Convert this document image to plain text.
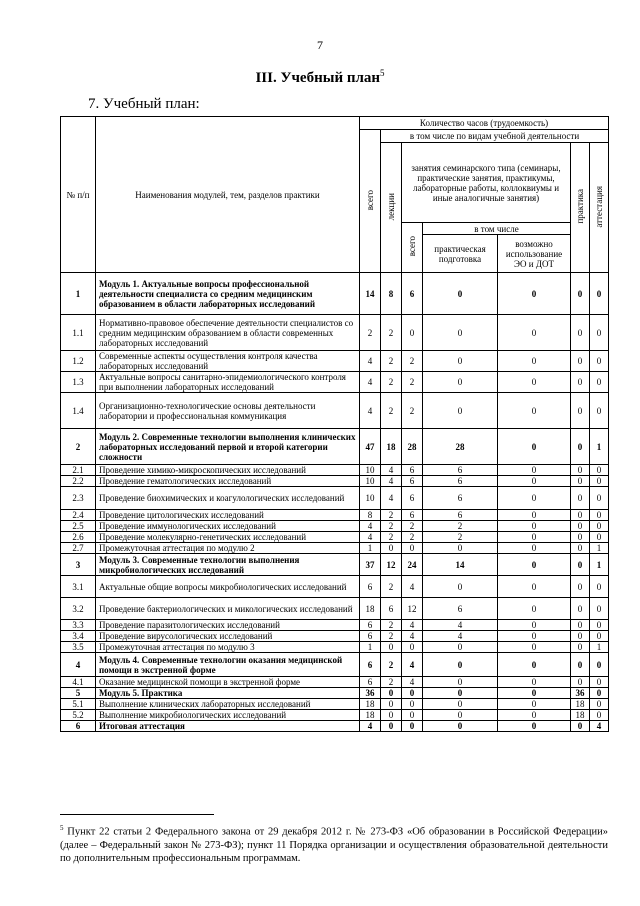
7
III. Учебный план$^5$
7. Учебный план:
№ п/п	Наименования модулей, тем, разделов практики	Количество часов (трудоемкость)						
		всего	в том числе по видам учебной деятельности					
			лекции	занятия семинарского типа (семинары, практические занятия, практикумы, лабораторные работы, коллоквиумы и иные аналогичные занятия)			практика	аттестация
				всего	в том числе			
					практическая подготовка	возможно использование ЭО и ДОТ		
1	Модуль 1. Актуальные вопросы профессиональной деятельности специалиста со средним медицинским образованием в области лабораторных исследований	14	8	6	0	0	0	0
1.1	Нормативно-правовое обеспечение деятельности специалистов со средним медицинским образованием в области современных лабораторных исследований	2	2	0	0	0	0	0
1.2	Современные аспекты осуществления контроля качества лабораторных исследований	4	2	2	0	0	0	0
1.3	Актуальные вопросы санитарно-эпидемиологического контроля при выполнении лабораторных исследований	4	2	2	0	0	0	0
1.4	Организационно-технологические основы деятельности лаборатории и профессиональная коммуникация	4	2	2	0	0	0	0
2	Модуль 2. Современные технологии выполнения клинических лабораторных исследований первой и второй категории сложности	47	18	28	28	0	0	1
2.1	Проведение химико-микроскопических исследований	10	4	6	6	0	0	0
2.2	Проведение гематологических исследований	10	4	6	6	0	0	0
2.3	Проведение биохимических и коагулологических исследований	10	4	6	6	0	0	0
2.4	Проведение цитологических исследований	8	2	6	6	0	0	0
2.5	Проведение иммунологических исследований	4	2	2	2	0	0	0
2.6	Проведение молекулярно-генетических исследований	4	2	2	2	0	0	0
2.7	Промежуточная аттестация по модулю 2	1	0	0	0	0	0	1
3	Модуль 3. Современные технологии выполнения микробиологических исследований	37	12	24	14	0	0	1
3.1	Актуальные общие вопросы микробиологических исследований	6	2	4	0	0	0	0
3.2	Проведение бактериологических и микологических исследований	18	6	12	6	0	0	0
3.3	Проведение паразитологических исследований	6	2	4	4	0	0	0
3.4	Проведение вирусологических исследований	6	2	4	4	0	0	0
3.5	Промежуточная аттестация по модулю 3	1	0	0	0	0	0	1
4	Модуль 4. Современные технологии оказания медицинской помощи в экстренной форме	6	2	4	0	0	0	0
4.1	Оказание медицинской помощи в экстренной форме	6	2	4	0	0	0	0
5	Модуль 5. Практика	36	0	0	0	0	36	0
5.1	Выполнение клинических лабораторных исследований	18	0	0	0	0	18	0
5.2	Выполнение микробиологических исследований	18	0	0	0	0	18	0
6	Итоговая аттестация	4	0	0	0	0	0	4
$^5$ Пункт 22 статьи 2 Федерального закона от 29 декабря 2012 г. № 273-ФЗ «Об образовании в Российской Федерации» (далее – Федеральный закон № 273-ФЗ); пункт 11 Порядка организации и осуществления образовательной деятельности по дополнительным профессиональным программам.
